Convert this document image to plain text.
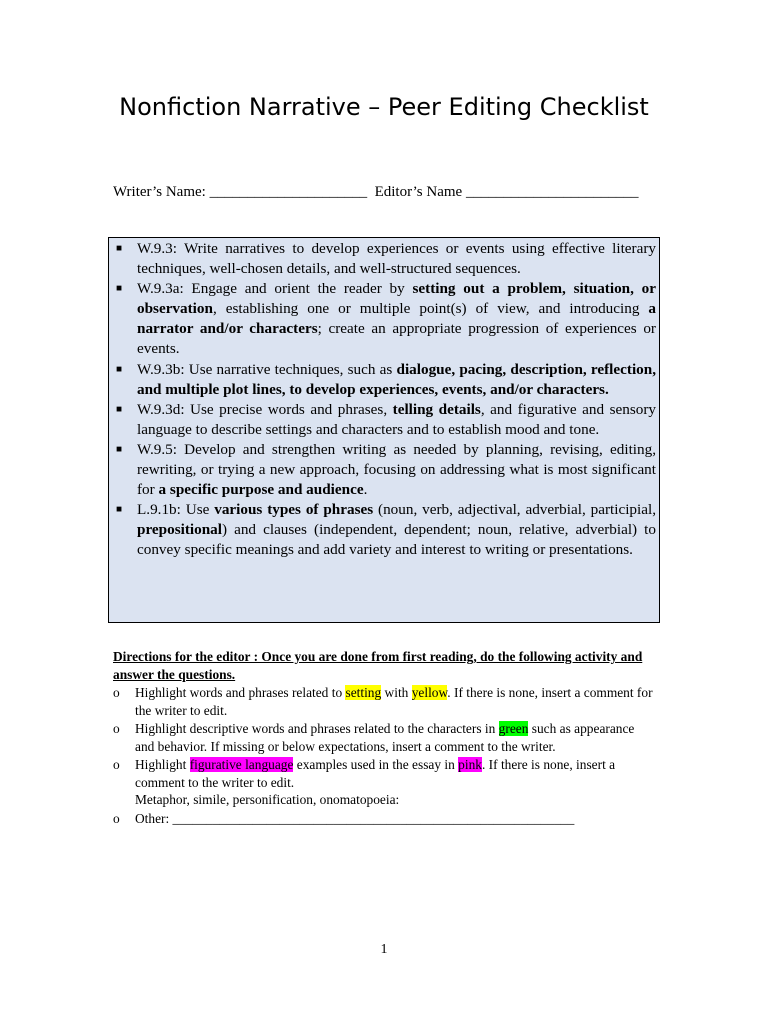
Nonfiction Narrative – Peer Editing Checklist
Writer’s Name: _____________________  Editor’s Name _______________________
■ W.9.3: Write narratives to develop experiences or events using effective literary techniques, well-chosen details, and well-structured sequences.
■ W.9.3a: Engage and orient the reader by setting out a problem, situation, or observation, establishing one or multiple point(s) of view, and introducing a narrator and/or characters; create an appropriate progression of experiences or events.
■ W.9.3b: Use narrative techniques, such as dialogue, pacing, description, reflection, and multiple plot lines, to develop experiences, events, and/or characters.
■ W.9.3d: Use precise words and phrases, telling details, and figurative and sensory language to describe settings and characters and to establish mood and tone.
■ W.9.5: Develop and strengthen writing as needed by planning, revising, editing, rewriting, or trying a new approach, focusing on addressing what is most significant for a specific purpose and audience.
■ L.9.1b: Use various types of phrases (noun, verb, adjectival, adverbial, participial, prepositional) and clauses (independent, dependent; noun, relative, adverbial) to convey specific meanings and add variety and interest to writing or presentations.
Directions for the editor : Once you are done from first reading, do the following activity and answer the questions.
o Highlight words and phrases related to setting with yellow. If there is none, insert a comment for the writer to edit.
o Highlight descriptive words and phrases related to the characters in green such as appearance and behavior. If missing or below expectations, insert a comment to the writer.
o Highlight figurative language examples used in the essay in pink. If there is none, insert a comment to the writer to edit.
Metaphor, simile, personification, onomatopoeia:
o Other: ____________________________________________________________
1
